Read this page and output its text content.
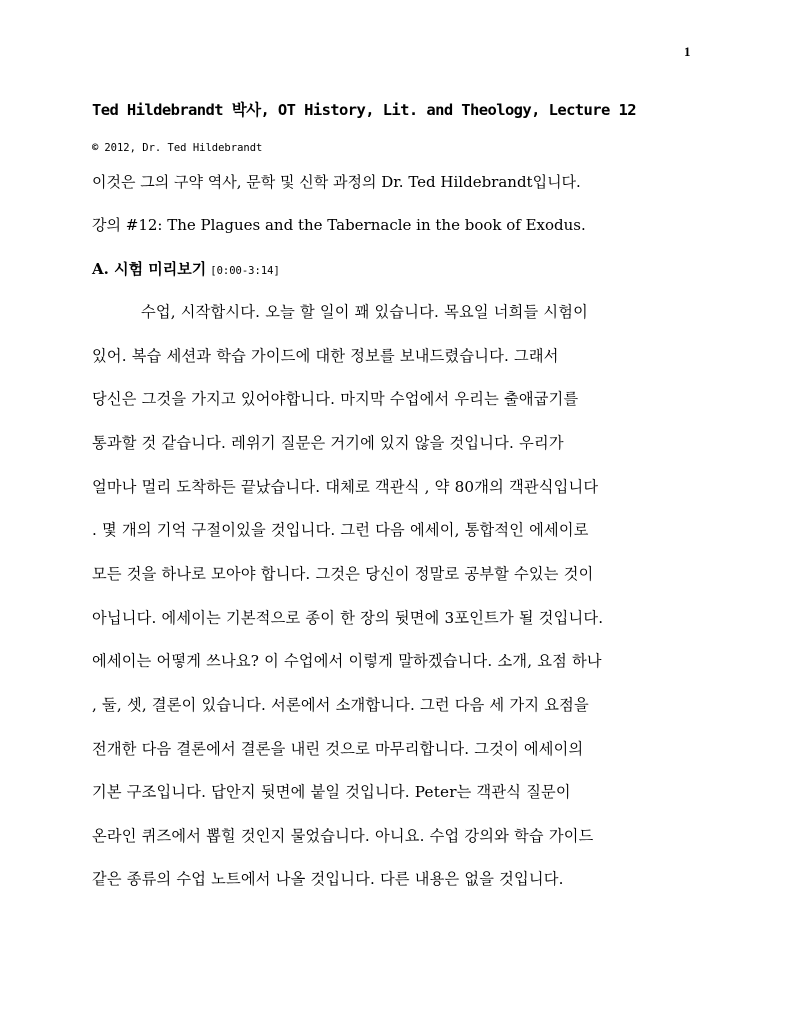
1
Ted Hildebrandt 박사, OT History, Lit. and Theology, Lecture 12
© 2012, Dr. Ted Hildebrandt
이것은 그의 구약 역사, 문학 및 신학 과정의 Dr. Ted Hildebrandt입니다.
강의 #12: The Plagues and the Tabernacle in the book of Exodus.
A. 시험 미리보기 [0:00-3:14]
수업, 시작합시다. 오늘 할 일이 꽤 있습니다. 목요일 너희들 시험이
있어. 복습 세션과 학습 가이드에 대한 정보를 보내드렸습니다. 그래서
당신은 그것을 가지고 있어야합니다. 마지막 수업에서 우리는 출애굽기를
통과할 것 같습니다. 레위기 질문은 거기에 있지 않을 것입니다. 우리가
얼마나 멀리 도착하든 끝났습니다. 대체로 객관식 , 약 80개의 객관식입니다
. 몇 개의 기억 구절이있을 것입니다. 그런 다음 에세이, 통합적인 에세이로
모든 것을 하나로 모아야 합니다. 그것은 당신이 정말로 공부할 수있는 것이
아닙니다. 에세이는 기본적으로 종이 한 장의 뒷면에 3포인트가 될 것입니다.
에세이는 어떻게 쓰나요? 이 수업에서 이렇게 말하겠습니다. 소개, 요점 하나
, 둘, 셋, 결론이 있습니다. 서론에서 소개합니다. 그런 다음 세 가지 요점을
전개한 다음 결론에서 결론을 내린 것으로 마무리합니다. 그것이 에세이의
기본 구조입니다. 답안지 뒷면에 붙일 것입니다. Peter는 객관식 질문이
온라인 퀴즈에서 뽑힐 것인지 물었습니다. 아니요. 수업 강의와 학습 가이드
같은 종류의 수업 노트에서 나올 것입니다. 다른 내용은 없을 것입니다.
